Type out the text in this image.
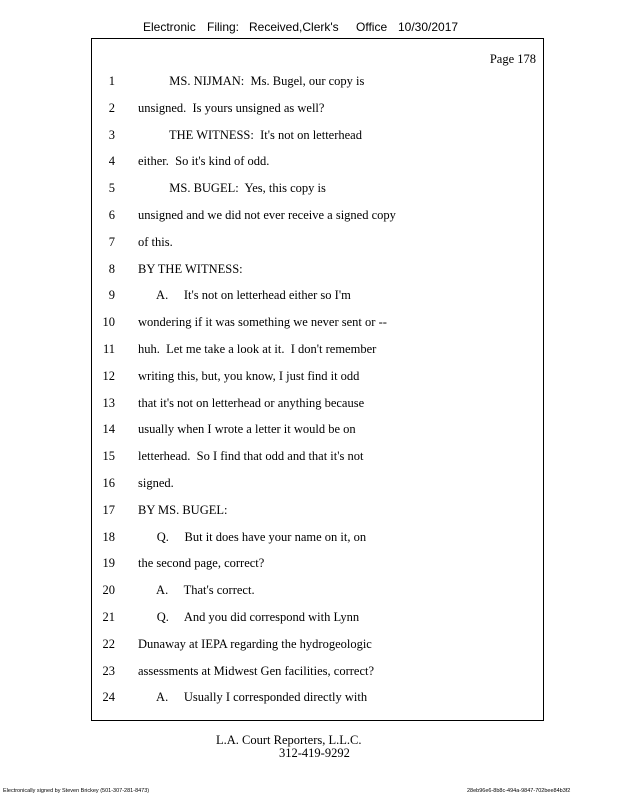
Electronic Filing: Received,Clerk's Office 10/30/2017
Page 178
1 MS. NIJMAN:  Ms. Bugel, our copy is
2 unsigned.  Is yours unsigned as well?
3 THE WITNESS:  It's not on letterhead
4 either.  So it's kind of odd.
5 MS. BUGEL:  Yes, this copy is
6 unsigned and we did not ever receive a signed copy
7 of this.
8 BY THE WITNESS:
9 A.     It's not on letterhead either so I'm
10 wondering if it was something we never sent or --
11 huh.  Let me take a look at it.  I don't remember
12 writing this, but, you know, I just find it odd
13 that it's not on letterhead or anything because
14 usually when I wrote a letter it would be on
15 letterhead.  So I find that odd and that it's not
16 signed.
17 BY MS. BUGEL:
18 Q.     But it does have your name on it, on
19 the second page, correct?
20 A.     That's correct.
21 Q.     And you did correspond with Lynn
22 Dunaway at IEPA regarding the hydrogeologic
23 assessments at Midwest Gen facilities, correct?
24 A.     Usually I corresponded directly with
L.A. Court Reporters, L.L.C.
312-419-9292
Electronically signed by Steven Brickey (501-307-281-8473)	28eb96e6-8b8c-494a-9847-702bee84b3f2
